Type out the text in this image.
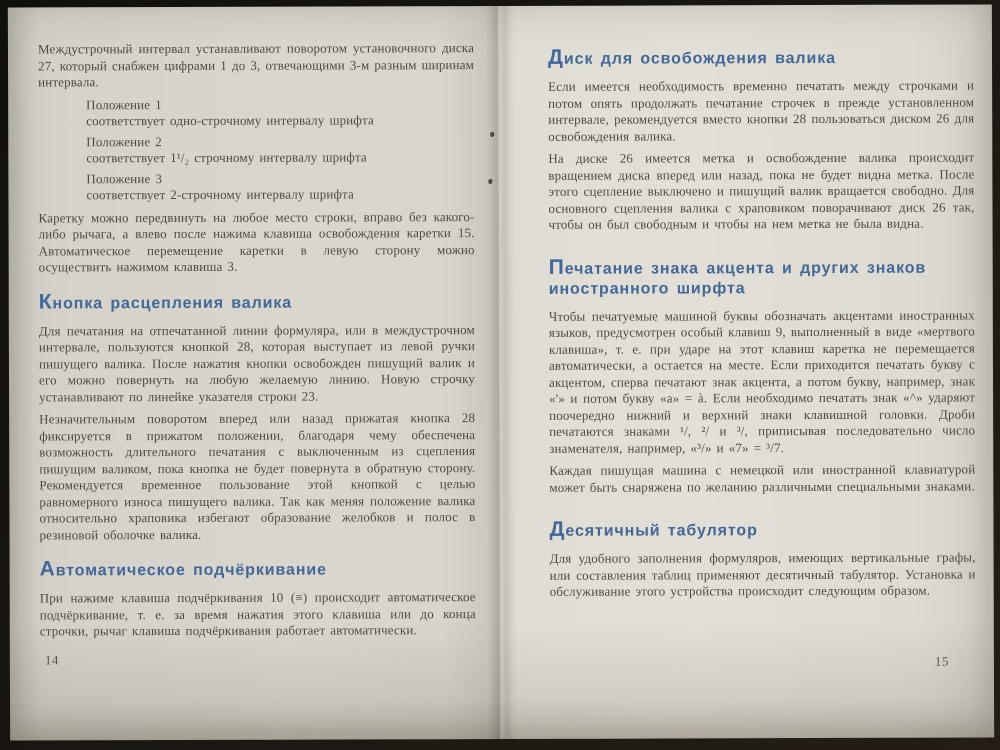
Междустрочный интервал устанавливают поворотом установочного диска 27, который снабжен цифрами 1 до 3, отвечающими 3-м разным ширинам интервала.

Положение 1
соответствует одно-строчному интервалу шрифта
Положение 2
соответствует 1¹/₂ строчному интервалу шрифта
Положение 3
соответствует 2-строчному интервалу шрифта

Каретку можно передвинуть на любое место строки, вправо без какого-либо рычага, а влево после нажима клавиша освобождения каретки 15. Автоматическое перемещение каретки в левую сторону можно осуществить нажимом клавиша 3.

Кнопка расцепления валика

Для печатания на отпечатанной линии формуляра, или в междустрочном интервале, пользуются кнопкой 28, которая выступает из левой ручки пишущего валика. После нажатия кнопки освобожден пишущий валик и его можно повернуть на любую желаемую линию. Новую строчку устанавливают по линейке указателя строки 23.

Незначительным поворотом вперед или назад прижатая кнопка 28 фиксируется в прижатом положении, благодаря чему обеспечена возможность длительного печатания с выключенным из сцепления пишущим валиком, пока кнопка не будет повернута в обратную сторону. Рекомендуется временное пользование этой кнопкой с целью равномерного износа пишущего валика. Так как меняя положение валика относительно храповика избегают образование желобков и полос в резиновой оболочке валика.

Автоматическое подчёркивание

При нажиме клавиша подчёркивания 10 (≡) происходит автоматическое подчёркивание, т. е. за время нажатия этого клавиша или до конца строчки, рычаг клавиша подчёркивания работает автоматически.

Диск для освобождения валика

Если имеется необходимость временно печатать между строчками и потом опять продолжать печатание строчек в прежде установленном интервале, рекомендуется вместо кнопки 28 пользоваться диском 26 для освобождения валика.

На диске 26 имеется метка и освобождение валика происходит вращением диска вперед или назад, пока не будет видна метка. После этого сцепление выключено и пишущий валик вращается свободно. Для основного сцепления валика с храповиком поворачивают диск 26 так, чтобы он был свободным и чтобы на нем метка не была видна.

Печатание знака акцента и других знаков иностранного ширфта

Чтобы печатуемые машиной буквы обозначать акцентами иностранных языков, предусмотрен особый клавиш 9, выполненный в виде «мертвого клавиша», т. е. при ударе на этот клавиш каретка не перемещается автоматически, а остается на месте. Если приходится печатать букву с акцентом, сперва печатают знак акцента, а потом букву, например, знак «'» и потом букву «а» = à. Если необходимо печатать знак «^» ударяют поочередно нижний и верхний знаки клавишной головки. Дроби печатаются знаками ¹/, ²/ и ³/, приписывая последовательно число знаменателя, например, «³/» и «7» = ³/7.

Каждая пишущая машина с немецкой или иностранной клавиатурой может быть снаряжена по желанию различными специальными знаками.

Десятичный табулятор

Для удобного заполнения формуляров, имеющих вертикальные графы, или составления таблиц применяют десятичный табулятор. Установка и обслуживание этого устройства происходит следующим образом.

14	15
